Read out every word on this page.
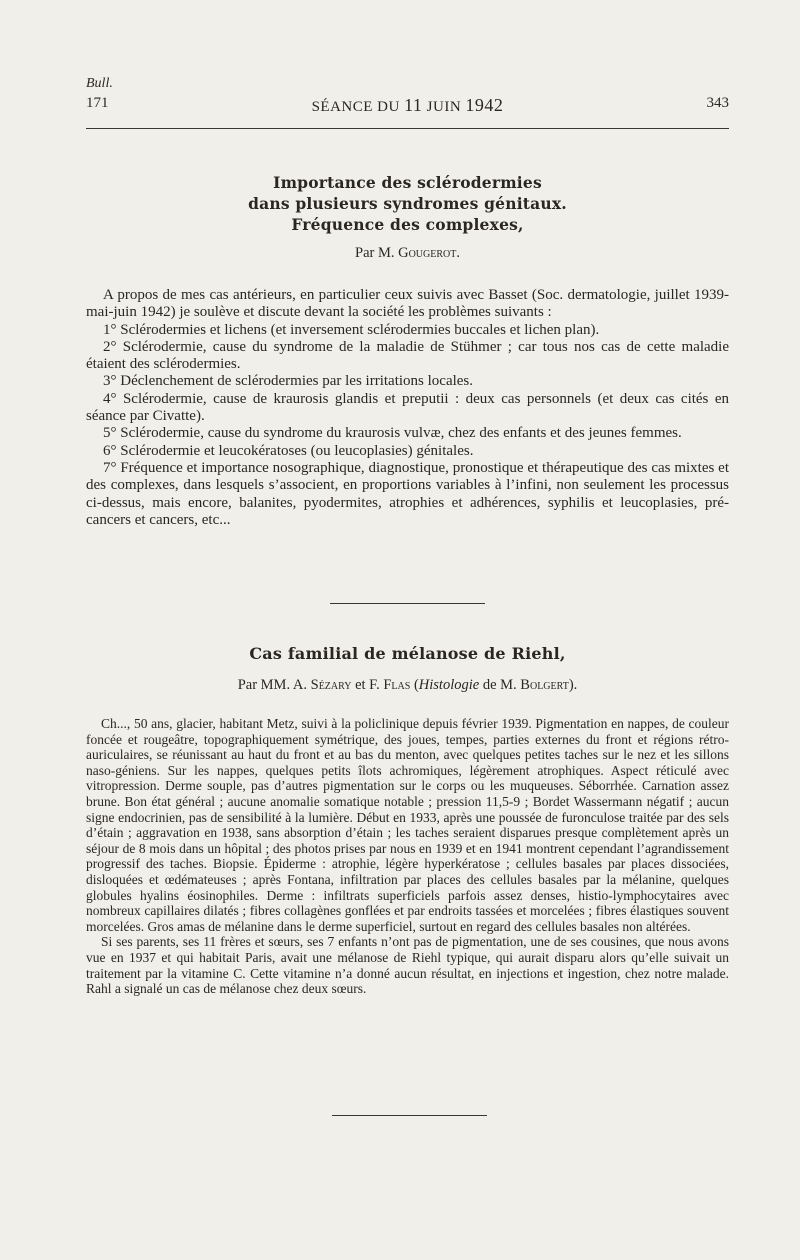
Bull.
171	SÉANCE DU 11 JUIN 1942	343
Importance des sclérodermies
dans plusieurs syndromes génitaux.
Fréquence des complexes,
Par M. Gougerot.

A propos de mes cas antérieurs, en particulier ceux suivis avec Basset (Soc. dermatologie, juillet 1939-mai-juin 1942) je soulève et discute devant la société les problèmes suivants :

1° Sclérodermies et lichens (et inversement sclérodermies buccales et lichen plan).

2° Sclérodermie, cause du syndrome de la maladie de Stühmer ; car tous nos cas de cette maladie étaient des sclérodermies.

3° Déclenchement de sclérodermies par les irritations locales.

4° Sclérodermie, cause de kraurosis glandis et preputii : deux cas personnels (et deux cas cités en séance par Civatte).

5° Sclérodermie, cause du syndrome du kraurosis vulvæ, chez des enfants et des jeunes femmes.

6° Sclérodermie et leucokératoses (ou leucoplasies) génitales.

7° Fréquence et importance nosographique, diagnostique, pronostique et thérapeutique des cas mixtes et des complexes, dans lesquels s’associent, en proportions variables à l’infini, non seulement les processus ci-dessus, mais encore, balanites, pyodermites, atrophies et adhérences, syphilis et leucoplasies, pré-cancers et cancers, etc...

Cas familial de mélanose de Riehl,
Par MM. A. Sézary et F. Flas (Histologie de M. Bolgert).

Ch..., 50 ans, glacier, habitant Metz, suivi à la policlinique depuis février 1939. Pigmentation en nappes, de couleur foncée et rougeâtre, topographiquement symétrique, des joues, tempes, parties externes du front et régions rétro-auriculaires, se réunissant au haut du front et au bas du menton, avec quelques petites taches sur le nez et les sillons naso-géniens. Sur les nappes, quelques petits îlots achromiques, légèrement atrophiques. Aspect réticulé avec vitropression. Derme souple, pas d’autres pigmentation sur le corps ou les muqueuses. Séborrhée. Carnation assez brune. Bon état général ; aucune anomalie somatique notable ; pression 11,5-9 ; Bordet Wassermann négatif ; aucun signe endocrinien, pas de sensibilité à la lumière. Début en 1933, après une poussée de furonculose traitée par des sels d’étain ; aggravation en 1938, sans absorption d’étain ; les taches seraient disparues presque complètement après un séjour de 8 mois dans un hôpital ; des photos prises par nous en 1939 et en 1941 montrent cependant l’agrandissement progressif des taches. Biopsie. Épiderme : atrophie, légère hyperkératose ; cellules basales par places dissociées, disloquées et œdémateuses ; après Fontana, infiltration par places des cellules basales par la mélanine, quelques globules hyalins éosinophiles. Derme : infiltrats superficiels parfois assez denses, histio-lymphocytaires avec nombreux capillaires dilatés ; fibres collagènes gonflées et par endroits tassées et morcelées ; fibres élastiques souvent morcelées. Gros amas de mélanine dans le derme superficiel, surtout en regard des cellules basales non altérées.

Si ses parents, ses 11 frères et sœurs, ses 7 enfants n’ont pas de pigmentation, une de ses cousines, que nous avons vue en 1937 et qui habitait Paris, avait une mélanose de Riehl typique, qui aurait disparu alors qu’elle suivait un traitement par la vitamine C. Cette vitamine n’a donné aucun résultat, en injections et ingestion, chez notre malade. Rahl a signalé un cas de mélanose chez deux sœurs.
